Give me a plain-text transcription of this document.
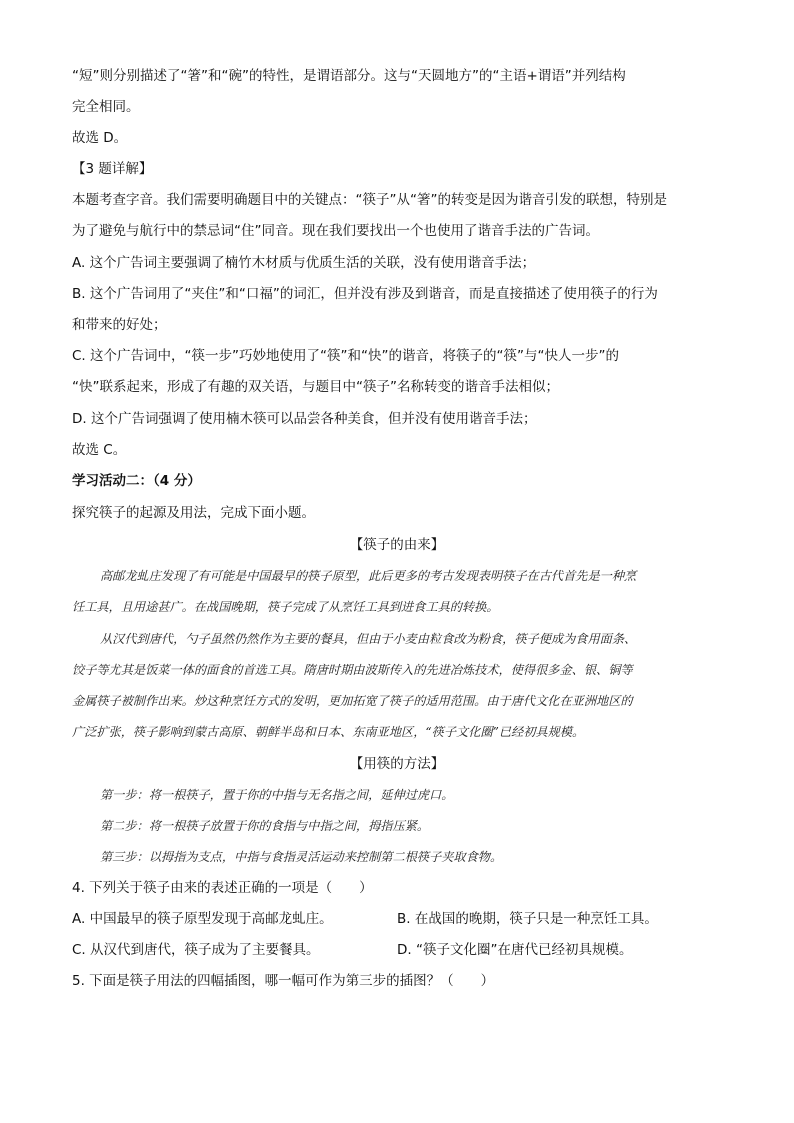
“短”则分别描述了“箸”和“碗”的特性，是谓语部分。这与“天圆地方”的“主语+谓语”并列结构
完全相同。
故选 D。
【3 题详解】
本题考查字音。我们需要明确题目中的关键点：“筷子”从“箸”的转变是因为谐音引发的联想，特别是
为了避免与航行中的禁忌词“住”同音。现在我们要找出一个也使用了谐音手法的广告词。
A. 这个广告词主要强调了楠竹木材质与优质生活的关联，没有使用谐音手法；
B. 这个广告词用了“夹住”和“口福”的词汇，但并没有涉及到谐音，而是直接描述了使用筷子的行为
和带来的好处；
C. 这个广告词中，“筷一步”巧妙地使用了“筷”和“快”的谐音，将筷子的“筷”与“快人一步”的
“快”联系起来，形成了有趣的双关语，与题目中“筷子”名称转变的谐音手法相似；
D. 这个广告词强调了使用楠木筷可以品尝各种美食，但并没有使用谐音手法；
故选 C。
学习活动二：（4 分）
探究筷子的起源及用法，完成下面小题。
【筷子的由来】
高邮龙虬庄发现了有可能是中国最早的筷子原型，此后更多的考古发现表明筷子在古代首先是一种烹
饪工具，且用途甚广。在战国晚期，筷子完成了从烹饪工具到进食工具的转换。
从汉代到唐代，勺子虽然仍然作为主要的餐具，但由于小麦由粒食改为粉食，筷子便成为食用面条、
饺子等尤其是饭菜一体的面食的首选工具。隋唐时期由波斯传入的先进冶炼技术，使得很多金、银、铜等
金属筷子被制作出来。炒这种烹饪方式的发明，更加拓宽了筷子的适用范围。由于唐代文化在亚洲地区的
广泛扩张，筷子影响到蒙古高原、朝鲜半岛和日本、东南亚地区，“筷子文化圈”已经初具规模。
【用筷的方法】
第一步：将一根筷子，置于你的中指与无名指之间，延伸过虎口。
第二步：将一根筷子放置于你的食指与中指之间，拇指压紧。
第三步：以拇指为支点，中指与食指灵活运动来控制第二根筷子夹取食物。
4. 下列关于筷子由来的表述正确的一项是（　　）
A. 中国最早的筷子原型发现于高邮龙虬庄。	B. 在战国的晚期，筷子只是一种烹饪工具。
C. 从汉代到唐代，筷子成为了主要餐具。	D. “筷子文化圈”在唐代已经初具规模。
5. 下面是筷子用法的四幅插图，哪一幅可作为第三步的插图？（　　）
